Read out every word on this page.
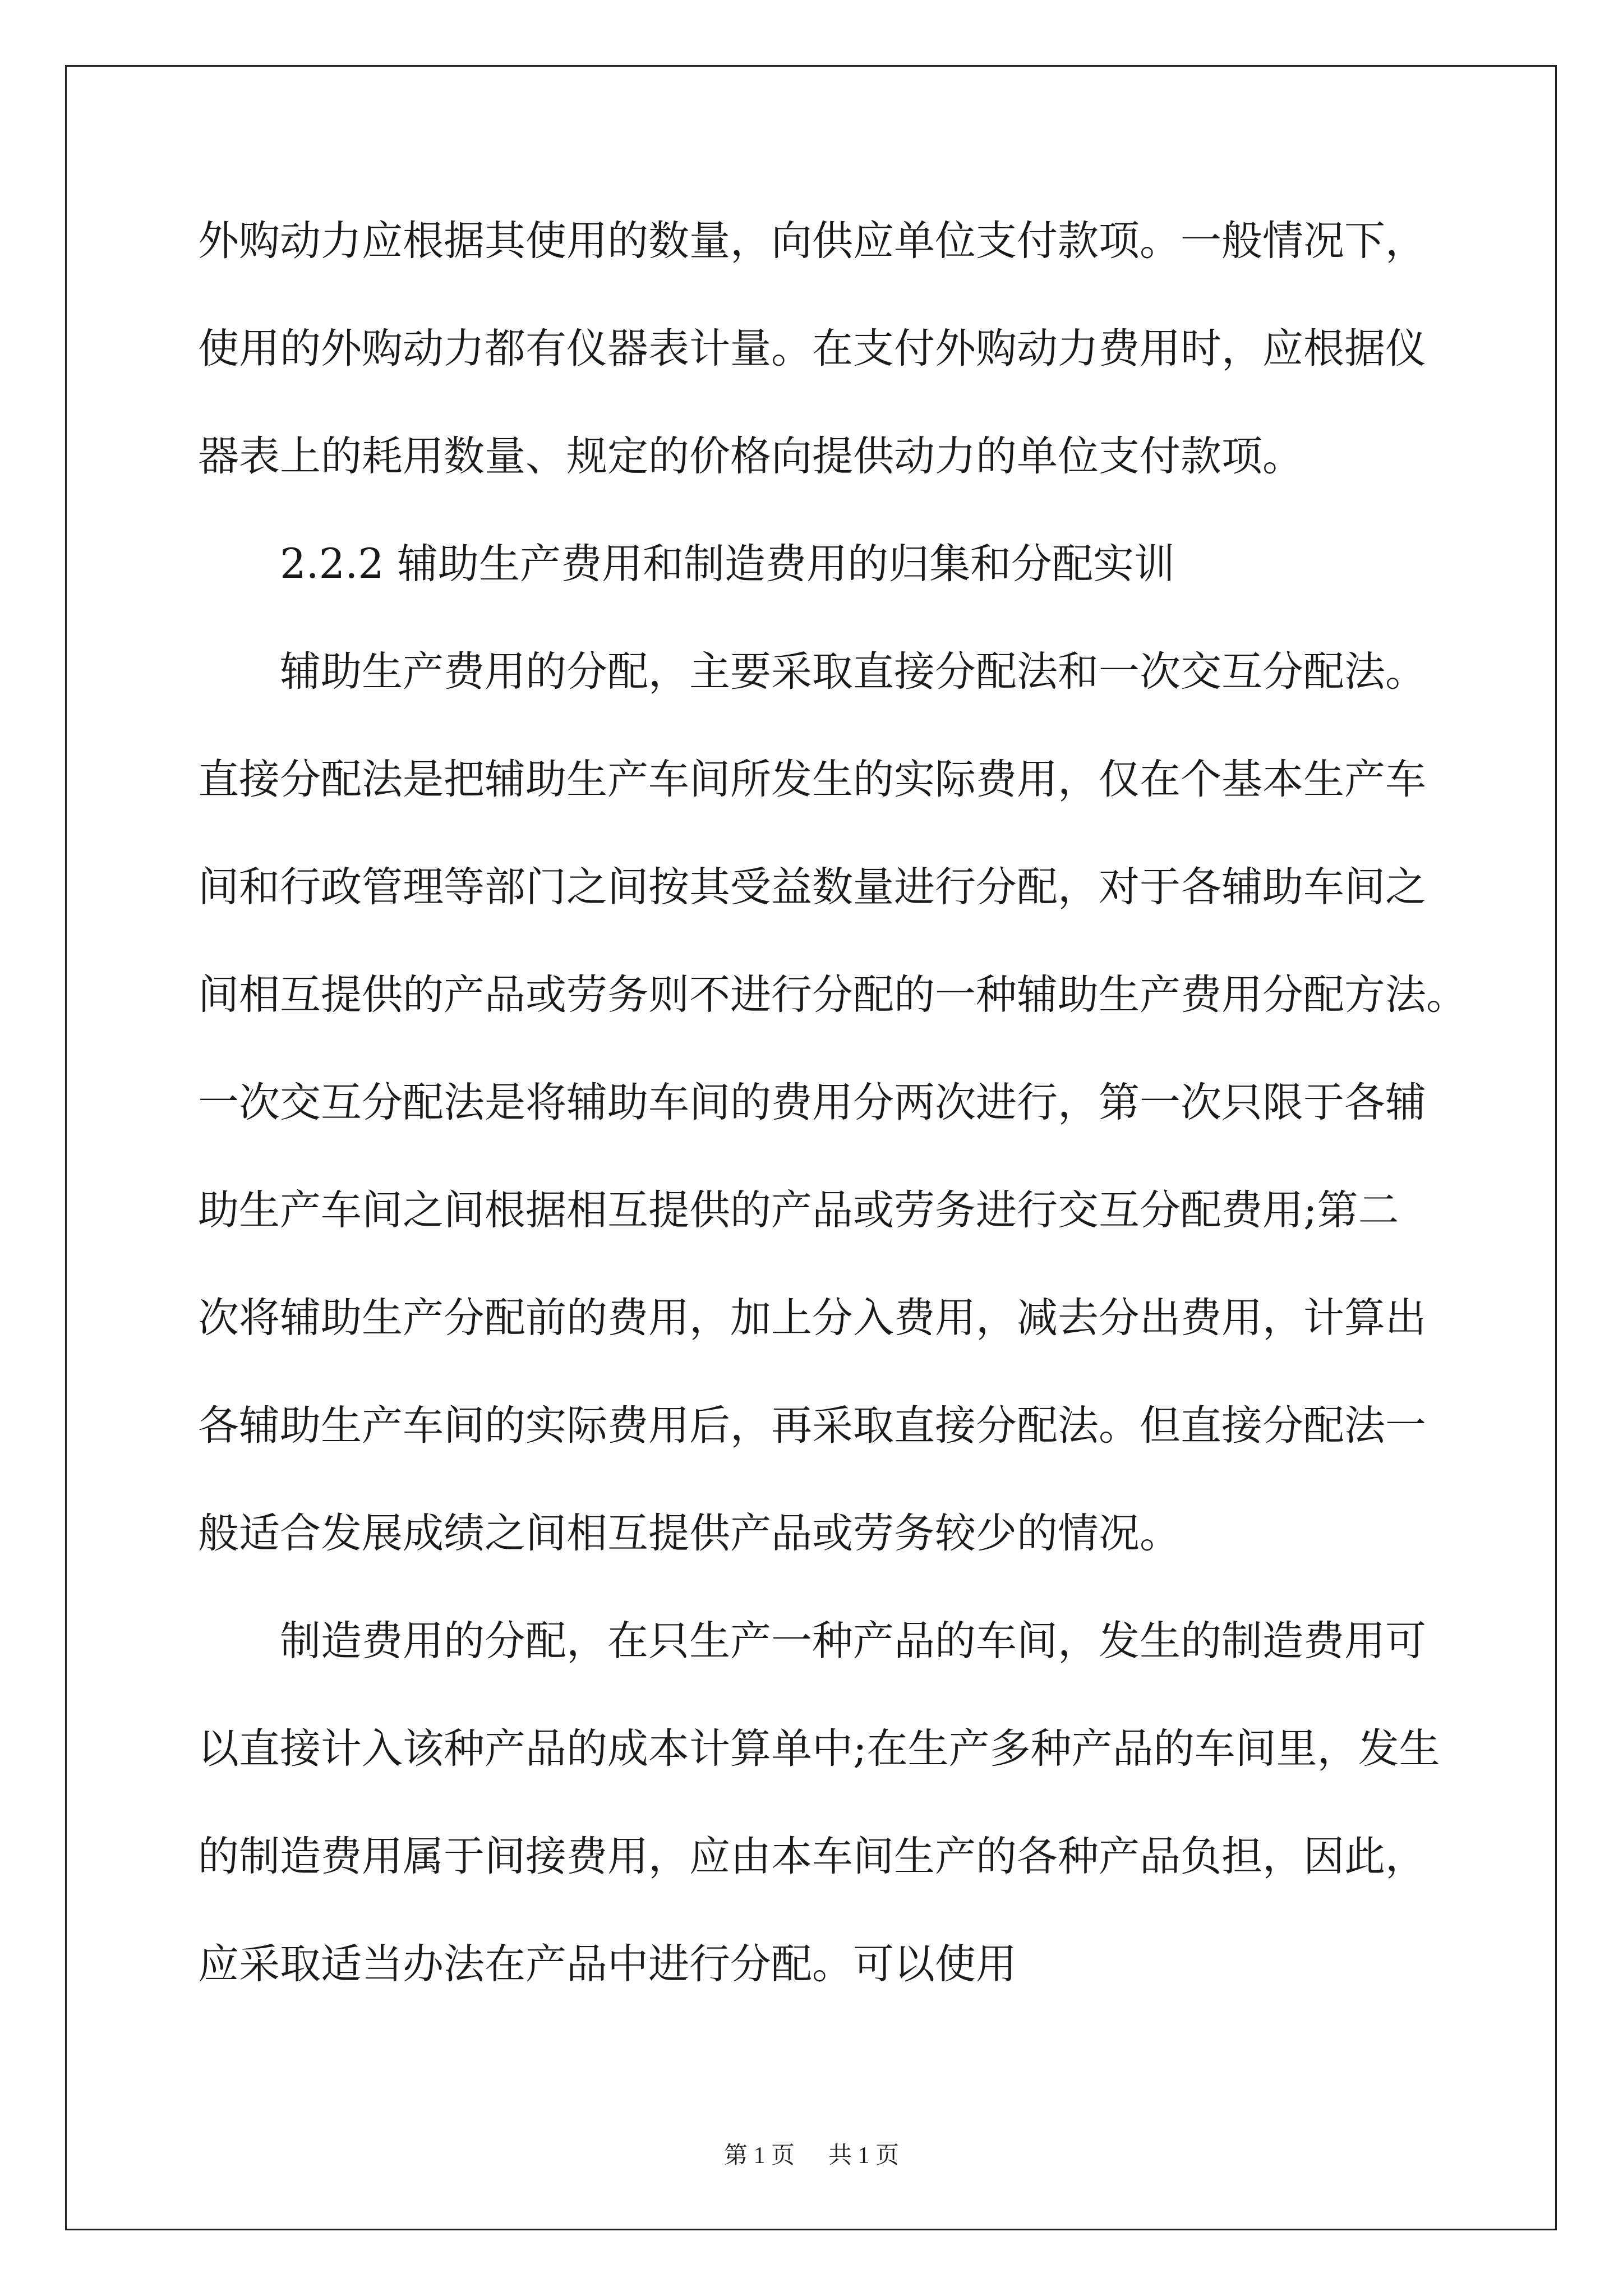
外购动力应根据其使用的数量，向供应单位支付款项。一般情况下，
使用的外购动力都有仪器表计量。在支付外购动力费用时，应根据仪
器表上的耗用数量、规定的价格向提供动力的单位支付款项。
2.2.2 辅助生产费用和制造费用的归集和分配实训
辅助生产费用的分配，主要采取直接分配法和一次交互分配法。
直接分配法是把辅助生产车间所发生的实际费用，仅在个基本生产车
间和行政管理等部门之间按其受益数量进行分配，对于各辅助车间之
间相互提供的产品或劳务则不进行分配的一种辅助生产费用分配方法。
一次交互分配法是将辅助车间的费用分两次进行，第一次只限于各辅
助生产车间之间根据相互提供的产品或劳务进行交互分配费用;第二
次将辅助生产分配前的费用，加上分入费用，减去分出费用，计算出
各辅助生产车间的实际费用后，再采取直接分配法。但直接分配法一
般适合发展成绩之间相互提供产品或劳务较少的情况。
制造费用的分配，在只生产一种产品的车间，发生的制造费用可
以直接计入该种产品的成本计算单中;在生产多种产品的车间里，发生
的制造费用属于间接费用，应由本车间生产的各种产品负担，因此，
应采取适当办法在产品中进行分配。可以使用
第 1 页 共 1 页
